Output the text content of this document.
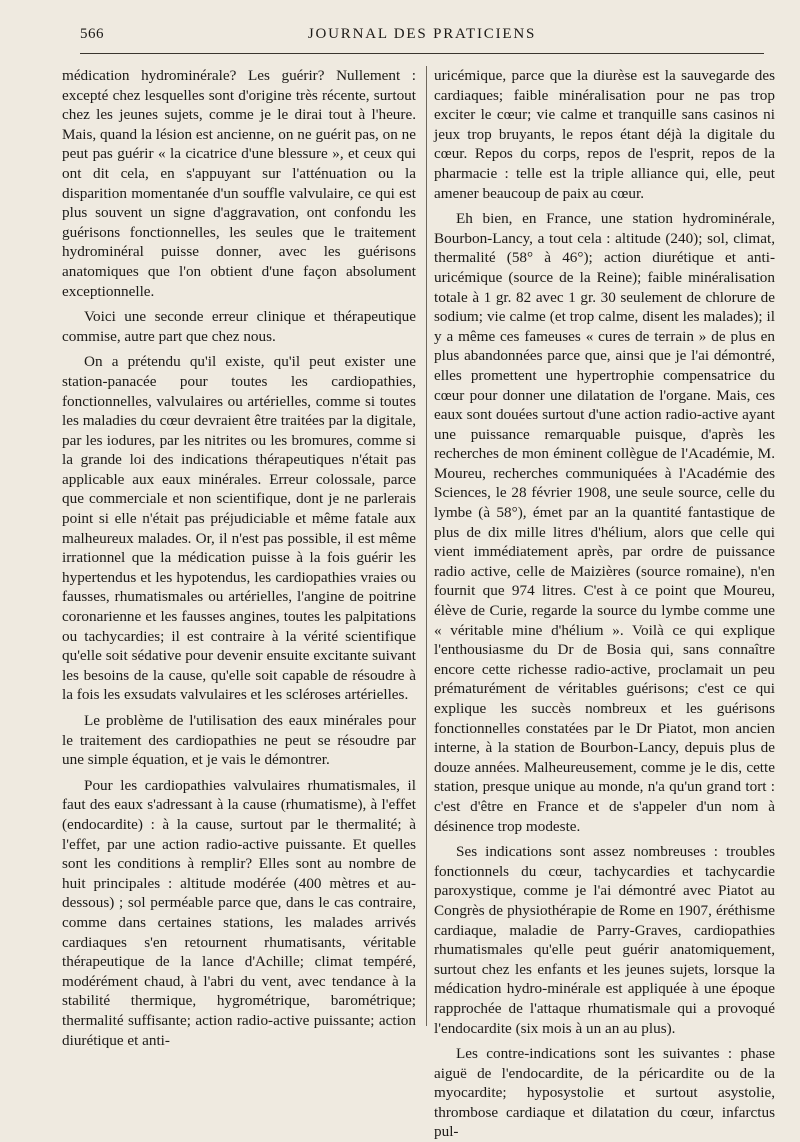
566	JOURNAL DES PRATICIENS

médication hydrominérale? Les guérir? Nullement : excepté chez lesquelles sont d'origine très récente, surtout chez les jeunes sujets, comme je le dirai tout à l'heure. Mais, quand la lésion est ancienne, on ne guérit pas, on ne peut pas guérir « la cicatrice d'une blessure », et ceux qui ont dit cela, en s'appuyant sur l'atténuation ou la disparition momentanée d'un souffle valvulaire, ce qui est plus souvent un signe d'aggravation, ont confondu les guérisons fonctionnelles, les seules que le traitement hydrominéral puisse donner, avec les guérisons anatomiques que l'on obtient d'une façon absolument exceptionnelle.

Voici une seconde erreur clinique et thérapeutique commise, autre part que chez nous.

On a prétendu qu'il existe, qu'il peut exister une station-panacée pour toutes les cardiopathies, fonctionnelles, valvulaires ou artérielles, comme si toutes les maladies du cœur devraient être traitées par la digitale, par les iodures, par les nitrites ou les bromures, comme si la grande loi des indications thérapeutiques n'était pas applicable aux eaux minérales. Erreur colossale, parce que commerciale et non scientifique, dont je ne parlerais point si elle n'était pas préjudiciable et même fatale aux malheureux malades. Or, il n'est pas possible, il est même irrationnel que la médication puisse à la fois guérir les hypertendus et les hypotendus, les cardiopathies vraies ou fausses, rhumatismales ou artérielles, l'angine de poitrine coronarienne et les fausses angines, toutes les palpitations ou tachycardies; il est contraire à la vérité scientifique qu'elle soit sédative pour devenir ensuite excitante suivant les besoins de la cause, qu'elle soit capable de résoudre à la fois les exsudats valvulaires et les scléroses artérielles.

Le problème de l'utilisation des eaux minérales pour le traitement des cardiopathies ne peut se résoudre par une simple équation, et je vais le démontrer.

Pour les cardiopathies valvulaires rhumatismales, il faut des eaux s'adressant à la cause (rhumatisme), à l'effet (endocardite) : à la cause, surtout par le thermalité; à l'effet, par une action radio-active puissante. Et quelles sont les conditions à remplir? Elles sont au nombre de huit principales : altitude modérée (400 mètres et au-dessous) ; sol perméable parce que, dans le cas contraire, comme dans certaines stations, les malades arrivés cardiaques s'en retournent rhumatisants, véritable thérapeutique de la lance d'Achille; climat tempéré, modérément chaud, à l'abri du vent, avec tendance à la stabilité thermique, hygrométrique, barométrique; thermalité suffisante; action radio-active puissante; action diurétique et anti-

uricémique, parce que la diurèse est la sauvegarde des cardiaques; faible minéralisation pour ne pas trop exciter le cœur; vie calme et tranquille sans casinos ni jeux trop bruyants, le repos étant déjà la digitale du cœur. Repos du corps, repos de l'esprit, repos de la pharmacie : telle est la triple alliance qui, elle, peut amener beaucoup de paix au cœur.

Eh bien, en France, une station hydrominérale, Bourbon-Lancy, a tout cela : altitude (240); sol, climat, thermalité (58° à 46°); action diurétique et anti-uricémique (source de la Reine); faible minéralisation totale à 1 gr. 82 avec 1 gr. 30 seulement de chlorure de sodium; vie calme (et trop calme, disent les malades); il y a même ces fameuses « cures de terrain » de plus en plus abandonnées parce que, ainsi que je l'ai démontré, elles promettent une hypertrophie compensatrice du cœur pour donner une dilatation de l'organe. Mais, ces eaux sont douées surtout d'une action radio-active ayant une puissance remarquable puisque, d'après les recherches de mon éminent collègue de l'Académie, M. Moureu, recherches communiquées à l'Académie des Sciences, le 28 février 1908, une seule source, celle du lymbe (à 58°), émet par an la quantité fantastique de plus de dix mille litres d'hélium, alors que celle qui vient immédiatement après, par ordre de puissance radio active, celle de Maizières (source romaine), n'en fournit que 974 litres. C'est à ce point que Moureu, élève de Curie, regarde la source du lymbe comme une « véritable mine d'hélium ». Voilà ce qui explique l'enthousiasme du Dr de Bosia qui, sans connaître encore cette richesse radio-active, proclamait un peu prématurément de véritables guérisons; c'est ce qui explique les succès nombreux et les guérisons fonctionnelles constatées par le Dr Piatot, mon ancien interne, à la station de Bourbon-Lancy, depuis plus de douze années. Malheureusement, comme je le dis, cette station, presque unique au monde, n'a qu'un grand tort : c'est d'être en France et de s'appeler d'un nom à désinence trop modeste.

Ses indications sont assez nombreuses : troubles fonctionnels du cœur, tachycardies et tachycardie paroxystique, comme je l'ai démontré avec Piatot au Congrès de physiothérapie de Rome en 1907, éréthisme cardiaque, maladie de Parry-Graves, cardiopathies rhumatismales qu'elle peut guérir anatomiquement, surtout chez les enfants et les jeunes sujets, lorsque la médication hydro-minérale est appliquée à une époque rapprochée de l'attaque rhumatismale qui a provoqué l'endocardite (six mois à un an au plus).

Les contre-indications sont les suivantes : phase aiguë de l'endocardite, de la péricardite ou de la myocardite; hyposystolie et surtout asystolie, thrombose cardiaque et dilatation du cœur, infarctus pul-
